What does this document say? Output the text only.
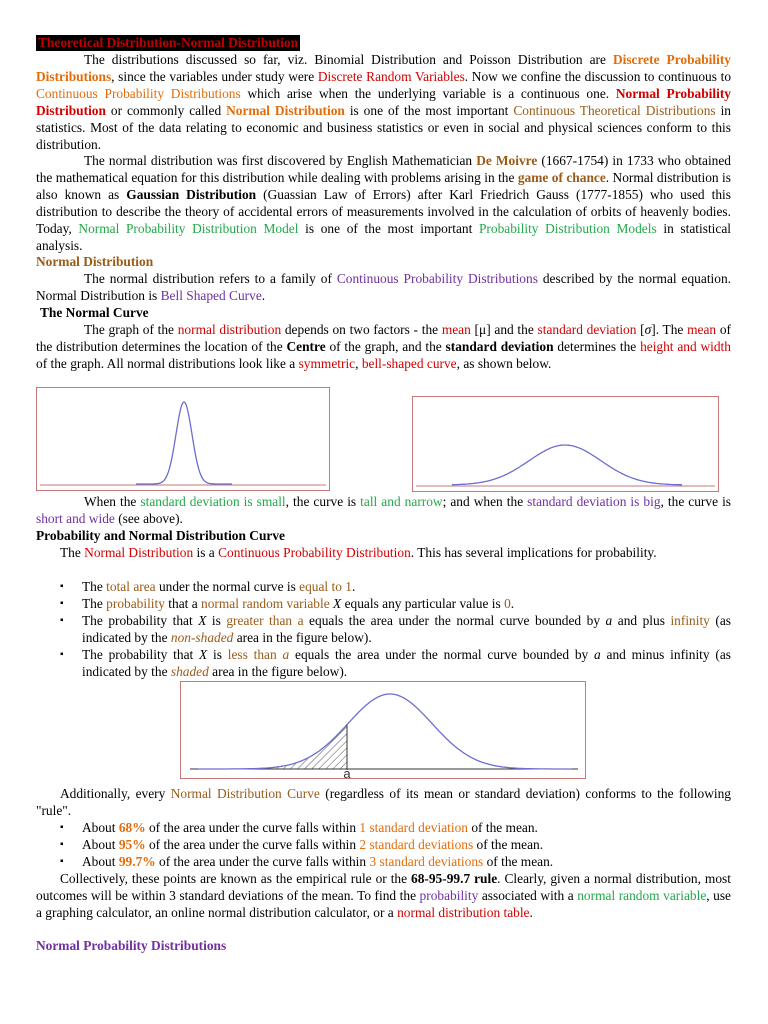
Theoretical Distribution-Normal Distribution

The distributions discussed so far, viz. Binomial Distribution and Poisson Distribution are Discrete Probability Distributions, since the variables under study were Discrete Random Variables. Now we confine the discussion to continuous to Continuous Probability Distributions which arise when the underlying variable is a continuous one. Normal Probability Distribution or commonly called Normal Distribution is one of the most important Continuous Theoretical Distributions in statistics. Most of the data relating to economic and business statistics or even in social and physical sciences conform to this distribution.

The normal distribution was first discovered by English Mathematician De Moivre (1667-1754) in 1733 who obtained the mathematical equation for this distribution while dealing with problems arising in the game of chance. Normal distribution is also known as Gaussian Distribution (Guassian Law of Errors) after Karl Friedrich Gauss (1777-1855) who used this distribution to describe the theory of accidental errors of measurements involved in the calculation of orbits of heavenly bodies. Today, Normal Probability Distribution Model is one of the most important Probability Distribution Models in statistical analysis.

Normal Distribution

The normal distribution refers to a family of Continuous Probability Distributions described by the normal equation. Normal Distribution is Bell Shaped Curve.

The Normal Curve

The graph of the normal distribution depends on two factors - the mean [μ] and the standard deviation [σ]. The mean of the distribution determines the location of the Centre of the graph, and the standard deviation determines the height and width of the graph. All normal distributions look like a symmetric, bell-shaped curve, as shown below.

When the standard deviation is small, the curve is tall and narrow; and when the standard deviation is big, the curve is short and wide (see above).

Probability and Normal Distribution Curve

The Normal Distribution is a Continuous Probability Distribution. This has several implications for probability.

▪ The total area under the normal curve is equal to 1.
▪ The probability that a normal random variable X equals any particular value is 0.
▪ The probability that X is greater than a equals the area under the normal curve bounded by a and plus infinity (as indicated by the non-shaded area in the figure below).
▪ The probability that X is less than a equals the area under the normal curve bounded by a and minus infinity (as indicated by the shaded area in the figure below).
a

Additionally, every Normal Distribution Curve (regardless of its mean or standard deviation) conforms to the following "rule".

▪ About 68% of the area under the curve falls within 1 standard deviation of the mean.
▪ About 95% of the area under the curve falls within 2 standard deviations of the mean.
▪ About 99.7% of the area under the curve falls within 3 standard deviations of the mean.

Collectively, these points are known as the empirical rule or the 68-95-99.7 rule. Clearly, given a normal distribution, most outcomes will be within 3 standard deviations of the mean. To find the probability associated with a normal random variable, use a graphing calculator, an online normal distribution calculator, or a normal distribution table.

Normal Probability Distributions
